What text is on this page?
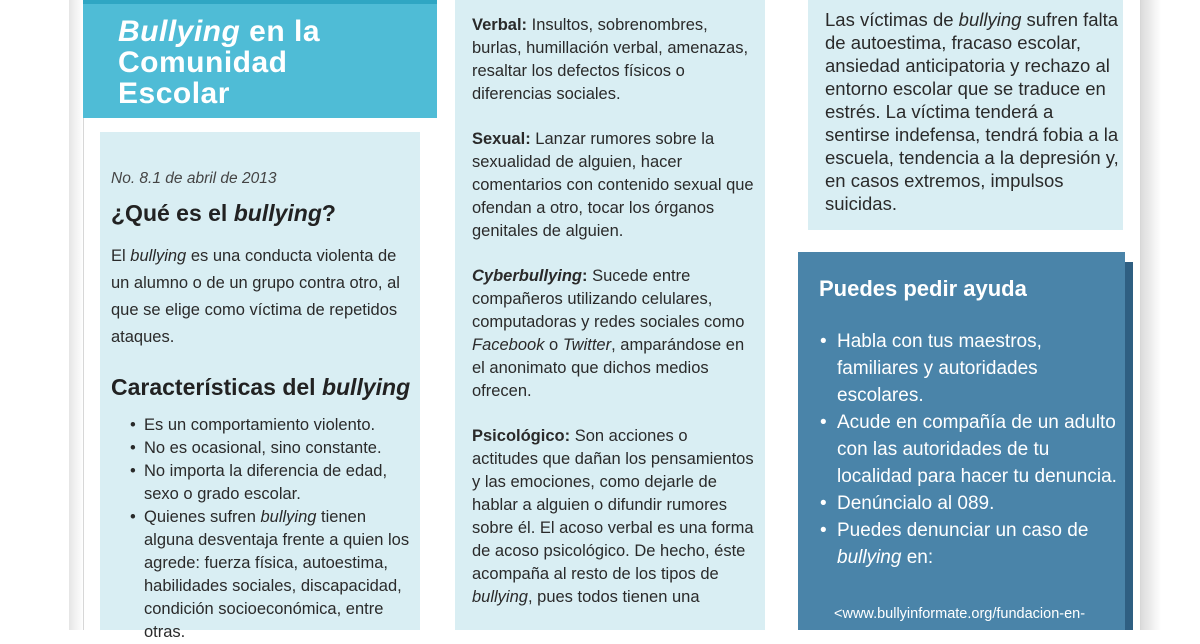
Bullying en la
Comunidad
Escolar
No. 8.1 de abril de 2013
¿Qué es el bullying?
El bullying es una conducta violenta de un alumno o de un grupo contra otro, al que se elige como víctima de repetidos ataques.
Características del bullying
• Es un comportamiento violento.
• No es ocasional, sino constante.
• No importa la diferencia de edad, sexo o grado escolar.
• Quienes sufren bullying tienen alguna desventaja frente a quien los agrede: fuerza física, autoestima, habilidades sociales, discapacidad, condición socioeconómica, entre otras.
Verbal: Insultos, sobrenombres, burlas, humillación verbal, amenazas, resaltar los defectos físicos o diferencias sociales.
Sexual: Lanzar rumores sobre la sexualidad de alguien, hacer comentarios con contenido sexual que ofendan a otro, tocar los órganos genitales de alguien.
Cyberbullying: Sucede entre compañeros utilizando celulares, computadoras y redes sociales como Facebook o Twitter, amparándose en el anonimato que dichos medios ofrecen.
Psicológico: Son acciones o actitudes que dañan los pensamientos y las emociones, como dejarle de hablar a alguien o difundir rumores sobre él. El acoso verbal es una forma de acoso psicológico. De hecho, éste acompaña al resto de los tipos de bullying, pues todos tienen una
Las víctimas de bullying sufren falta de autoestima, fracaso escolar, ansiedad anticipatoria y rechazo al entorno escolar que se traduce en estrés. La víctima tenderá a sentirse indefensa, tendrá fobia a la escuela, tendencia a la depresión y, en casos extremos, impulsos suicidas.
Puedes pedir ayuda
• Habla con tus maestros, familiares y autoridades escolares.
• Acude en compañía de un adulto con las autoridades de tu localidad para hacer tu denuncia.
• Denúncialo al 089.
• Puedes denunciar un caso de bullying en:
<www.bullyinformate.org/fundacion-en-
